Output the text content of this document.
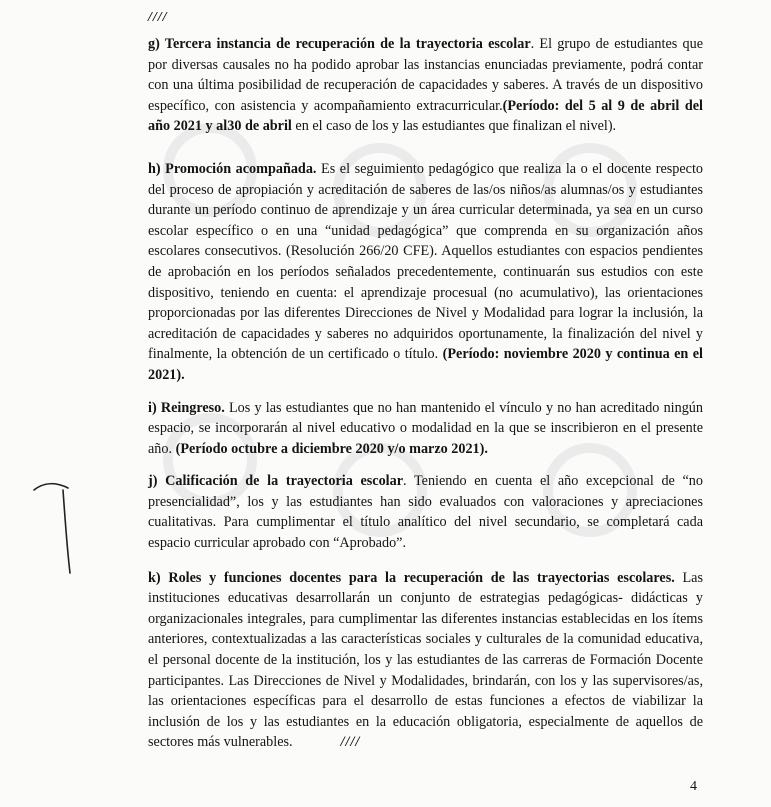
////

g) Tercera instancia de recuperación de la trayectoria escolar. El grupo de estudiantes que por diversas causales no ha podido aprobar las instancias enunciadas previamente, podrá contar con una última posibilidad de recuperación de capacidades y saberes. A través de un dispositivo específico, con asistencia y acompañamiento extracurricular.(Período: del 5 al 9 de abril del año 2021 y al30 de abril en el caso de los y las estudiantes que finalizan el nivel).

h) Promoción acompañada. Es el seguimiento pedagógico que realiza la o el docente respecto del proceso de apropiación y acreditación de saberes de las/os niños/as alumnas/os y estudiantes durante un período continuo de aprendizaje y un área curricular determinada, ya sea en un curso escolar específico o en una “unidad pedagógica” que comprenda en su organización años escolares consecutivos. (Resolución 266/20 CFE). Aquellos estudiantes con espacios pendientes de aprobación en los períodos señalados precedentemente, continuarán sus estudios con este dispositivo, teniendo en cuenta: el aprendizaje procesual (no acumulativo), las orientaciones proporcionadas por las diferentes Direcciones de Nivel y Modalidad para lograr la inclusión, la acreditación de capacidades y saberes no adquiridos oportunamente, la finalización del nivel y finalmente, la obtención de un certificado o título. (Período: noviembre 2020 y continua en el 2021).

i) Reingreso. Los y las estudiantes que no han mantenido el vínculo y no han acreditado ningún espacio, se incorporarán al nivel educativo o modalidad en la que se inscribieron en el presente año. (Período octubre a diciembre 2020 y/o marzo 2021).

j) Calificación de la trayectoria escolar. Teniendo en cuenta el año excepcional de “no presencialidad”, los y las estudiantes han sido evaluados con valoraciones y apreciaciones cualitativas. Para cumplimentar el título analítico del nivel secundario, se completará cada espacio curricular aprobado con “Aprobado”.

k) Roles y funciones docentes para la recuperación de las trayectorias escolares. Las instituciones educativas desarrollarán un conjunto de estrategias pedagógicas- didácticas y organizacionales integrales, para cumplimentar las diferentes instancias establecidas en los ítems anteriores, contextualizadas a las características sociales y culturales de la comunidad educativa, el personal docente de la institución, los y las estudiantes de las carreras de Formación Docente participantes. Las Direcciones de Nivel y Modalidades, brindarán, con los y las supervisores/as, las orientaciones específicas para el desarrollo de estas funciones a efectos de viabilizar la inclusión de los y las estudiantes en la educación obligatoria, especialmente de aquellos de sectores más vulnerables.	////

4
